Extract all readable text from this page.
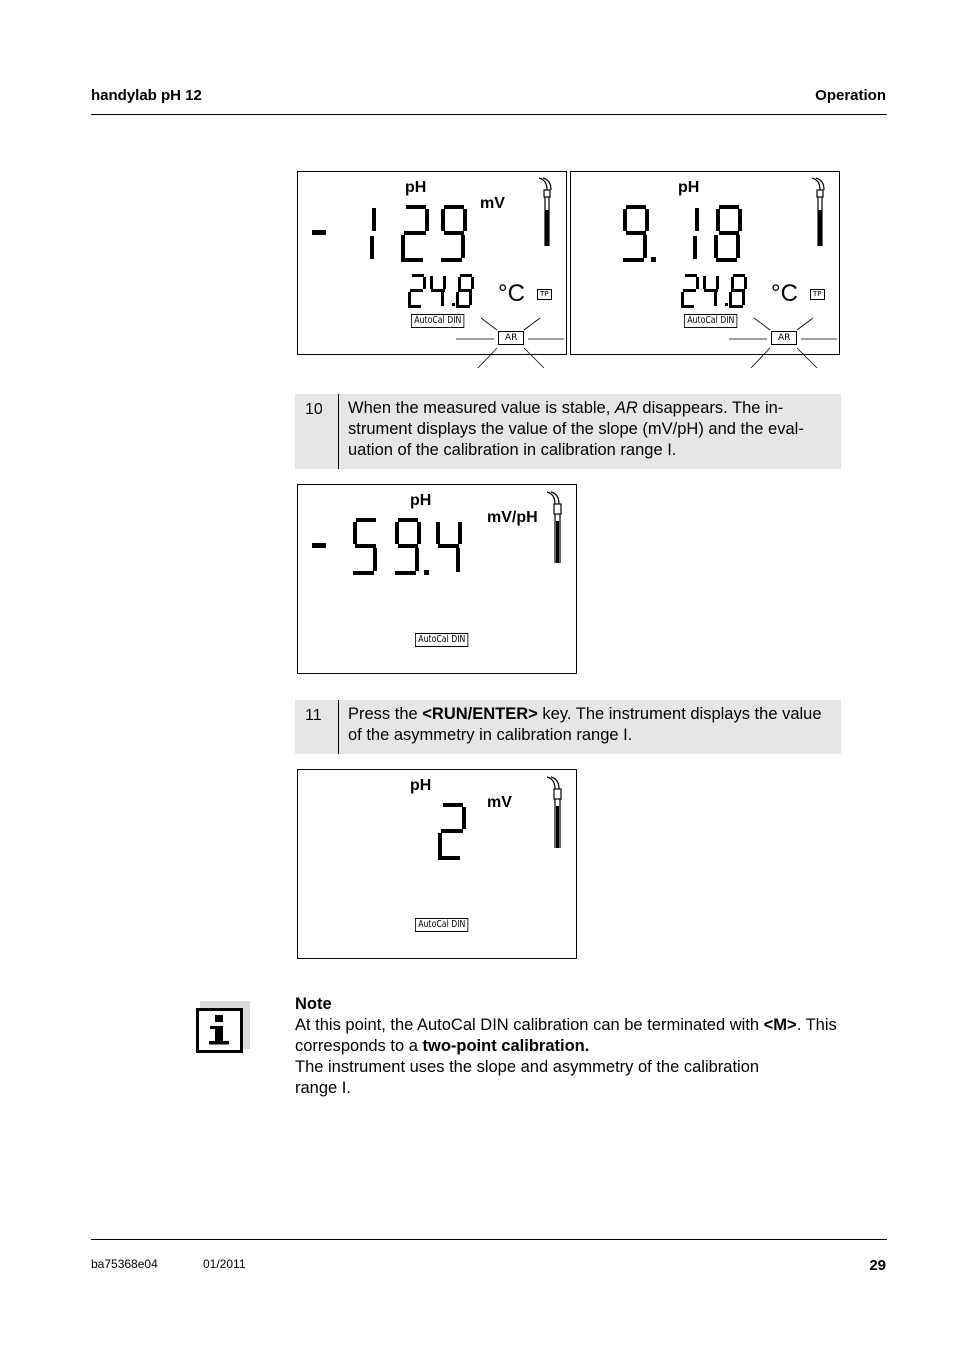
handylab pH 12	Operation
pH
mV
°C	TP
AutoCal DIN
AR
pH
°C	TP
AutoCal DIN
AR
10	When the measured value is stable, AR disappears. The in-strument displays the value of the slope (mV/pH) and the eval-uation of the calibration in calibration range I.
pH
mV/pH
AutoCal DIN
11	Press the <RUN/ENTER> key. The instrument displays the value of the asymmetry in calibration range I.
pH
mV
AutoCal DIN
Note
At this point, the AutoCal DIN calibration can be terminated with <M>. This corresponds to a two-point calibration.
The instrument uses the slope and asymmetry of the calibration range I.
ba75368e04	01/2011	29
